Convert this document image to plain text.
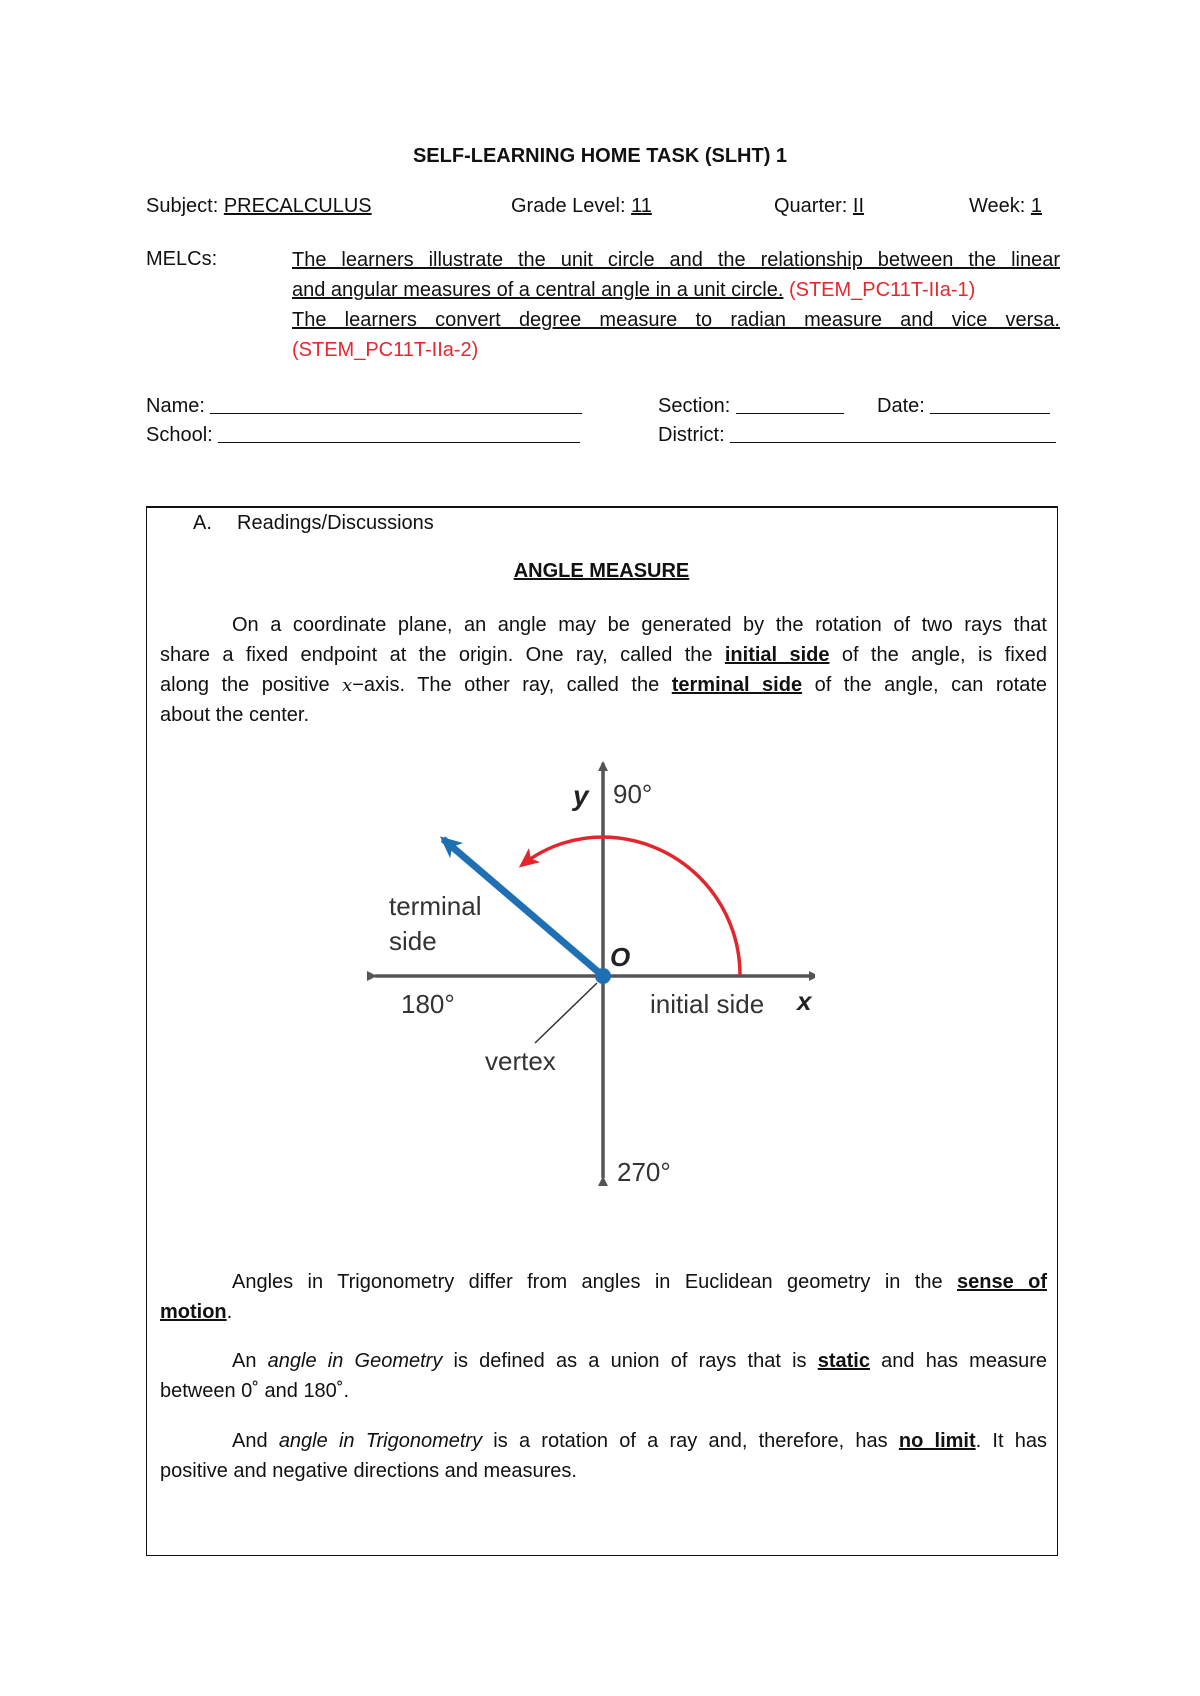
SELF-LEARNING HOME TASK (SLHT) 1
Subject: PRECALCULUS	Grade Level: 11	Quarter: II	Week: 1
MELCs:	The learners illustrate the unit circle and the relationship between the linear
and angular measures of a central angle in a unit circle. (STEM_PC11T-IIa-1)
The learners convert degree measure to radian measure and vice versa.
(STEM_PC11T-IIa-2)
Name:	Section:	Date:
School:	District:
A. Readings/Discussions
ANGLE MEASURE
On a coordinate plane, an angle may be generated by the rotation of two rays that
share a fixed endpoint at the origin. One ray, called the initial side of the angle, is fixed
along the positive x−axis. The other ray, called the terminal side of the angle, can rotate
about the center.
y 90°
x
O
terminal
side
180°	initial side
vertex
270°
Angles in Trigonometry differ from angles in Euclidean geometry in the sense of
motion.
An angle in Geometry is defined as a union of rays that is static and has measure
between 0˚ and 180˚.
And angle in Trigonometry is a rotation of a ray and, therefore, has no limit. It has
positive and negative directions and measures.
